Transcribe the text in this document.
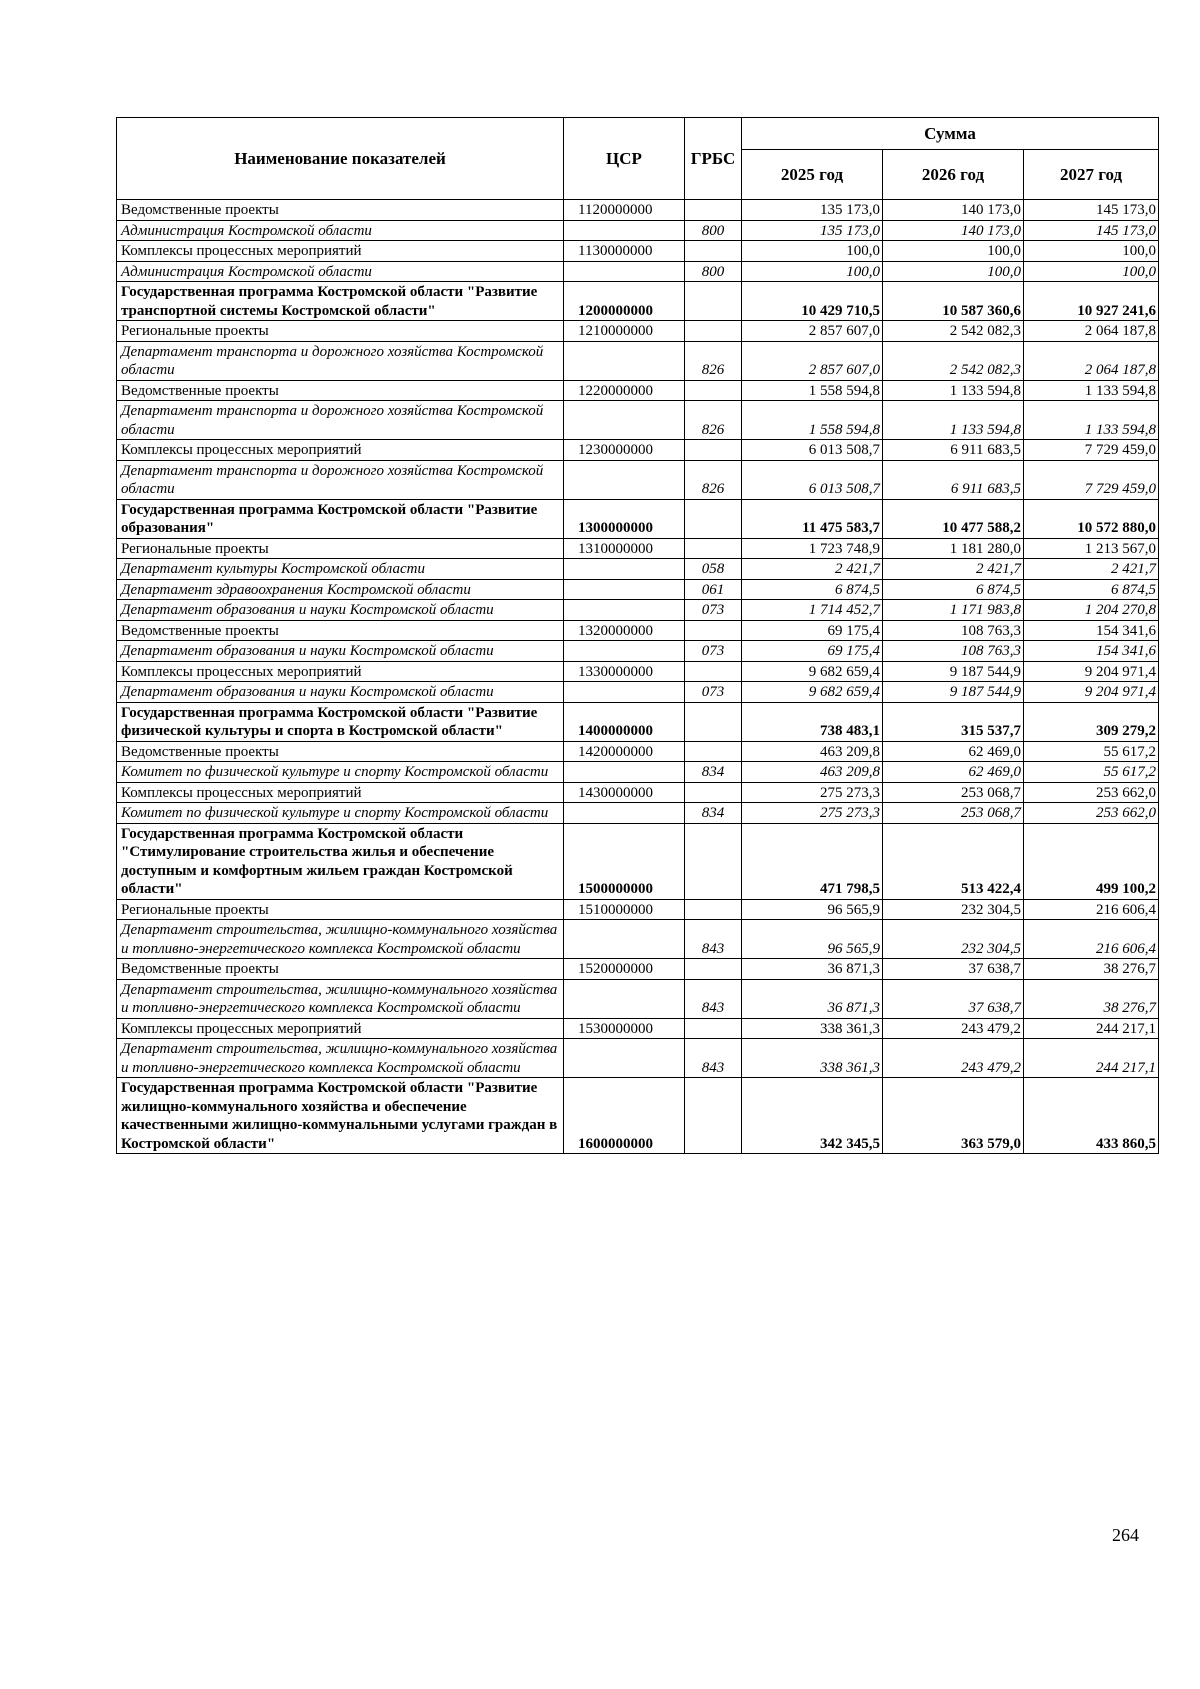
Наименование показателей	ЦСР	ГРБС	Сумма		
			2025 год	2026 год	2027 год
Ведомственные проекты	1120000000		135 173,0	140 173,0	145 173,0
Администрация Костромской области		800	135 173,0	140 173,0	145 173,0
Комплексы процессных мероприятий	1130000000		100,0	100,0	100,0
Администрация Костромской области		800	100,0	100,0	100,0
Государственная программа Костромской области "Развитие транспортной системы Костромской области"	1200000000		10 429 710,5	10 587 360,6	10 927 241,6
Региональные проекты	1210000000		2 857 607,0	2 542 082,3	2 064 187,8
Департамент транспорта и дорожного хозяйства Костромской области		826	2 857 607,0	2 542 082,3	2 064 187,8
Ведомственные проекты	1220000000		1 558 594,8	1 133 594,8	1 133 594,8
Департамент транспорта и дорожного хозяйства Костромской области		826	1 558 594,8	1 133 594,8	1 133 594,8
Комплексы процессных мероприятий	1230000000		6 013 508,7	6 911 683,5	7 729 459,0
Департамент транспорта и дорожного хозяйства Костромской области		826	6 013 508,7	6 911 683,5	7 729 459,0
Государственная программа Костромской области "Развитие образования"	1300000000		11 475 583,7	10 477 588,2	10 572 880,0
Региональные проекты	1310000000		1 723 748,9	1 181 280,0	1 213 567,0
Департамент культуры Костромской области		058	2 421,7	2 421,7	2 421,7
Департамент здравоохранения Костромской области		061	6 874,5	6 874,5	6 874,5
Департамент образования и науки Костромской области		073	1 714 452,7	1 171 983,8	1 204 270,8
Ведомственные проекты	1320000000		69 175,4	108 763,3	154 341,6
Департамент образования и науки Костромской области		073	69 175,4	108 763,3	154 341,6
Комплексы процессных мероприятий	1330000000		9 682 659,4	9 187 544,9	9 204 971,4
Департамент образования и науки Костромской области		073	9 682 659,4	9 187 544,9	9 204 971,4
Государственная программа Костромской области "Развитие физической культуры и спорта в Костромской области"	1400000000		738 483,1	315 537,7	309 279,2
Ведомственные проекты	1420000000		463 209,8	62 469,0	55 617,2
Комитет по физической культуре и спорту Костромской области		834	463 209,8	62 469,0	55 617,2
Комплексы процессных мероприятий	1430000000		275 273,3	253 068,7	253 662,0
Комитет по физической культуре и спорту Костромской области		834	275 273,3	253 068,7	253 662,0
Государственная программа Костромской области "Стимулирование строительства жилья и обеспечение доступным и комфортным жильем граждан Костромской области"	1500000000		471 798,5	513 422,4	499 100,2
Региональные проекты	1510000000		96 565,9	232 304,5	216 606,4
Департамент строительства, жилищно-коммунального хозяйства и топливно-энергетического комплекса Костромской области		843	96 565,9	232 304,5	216 606,4
Ведомственные проекты	1520000000		36 871,3	37 638,7	38 276,7
Департамент строительства, жилищно-коммунального хозяйства и топливно-энергетического комплекса Костромской области		843	36 871,3	37 638,7	38 276,7
Комплексы процессных мероприятий	1530000000		338 361,3	243 479,2	244 217,1
Департамент строительства, жилищно-коммунального хозяйства и топливно-энергетического комплекса Костромской области		843	338 361,3	243 479,2	244 217,1
Государственная программа Костромской области "Развитие жилищно-коммунального хозяйства и обеспечение качественными жилищно-коммунальными услугами граждан в Костромской области"	1600000000		342 345,5	363 579,0	433 860,5
264
